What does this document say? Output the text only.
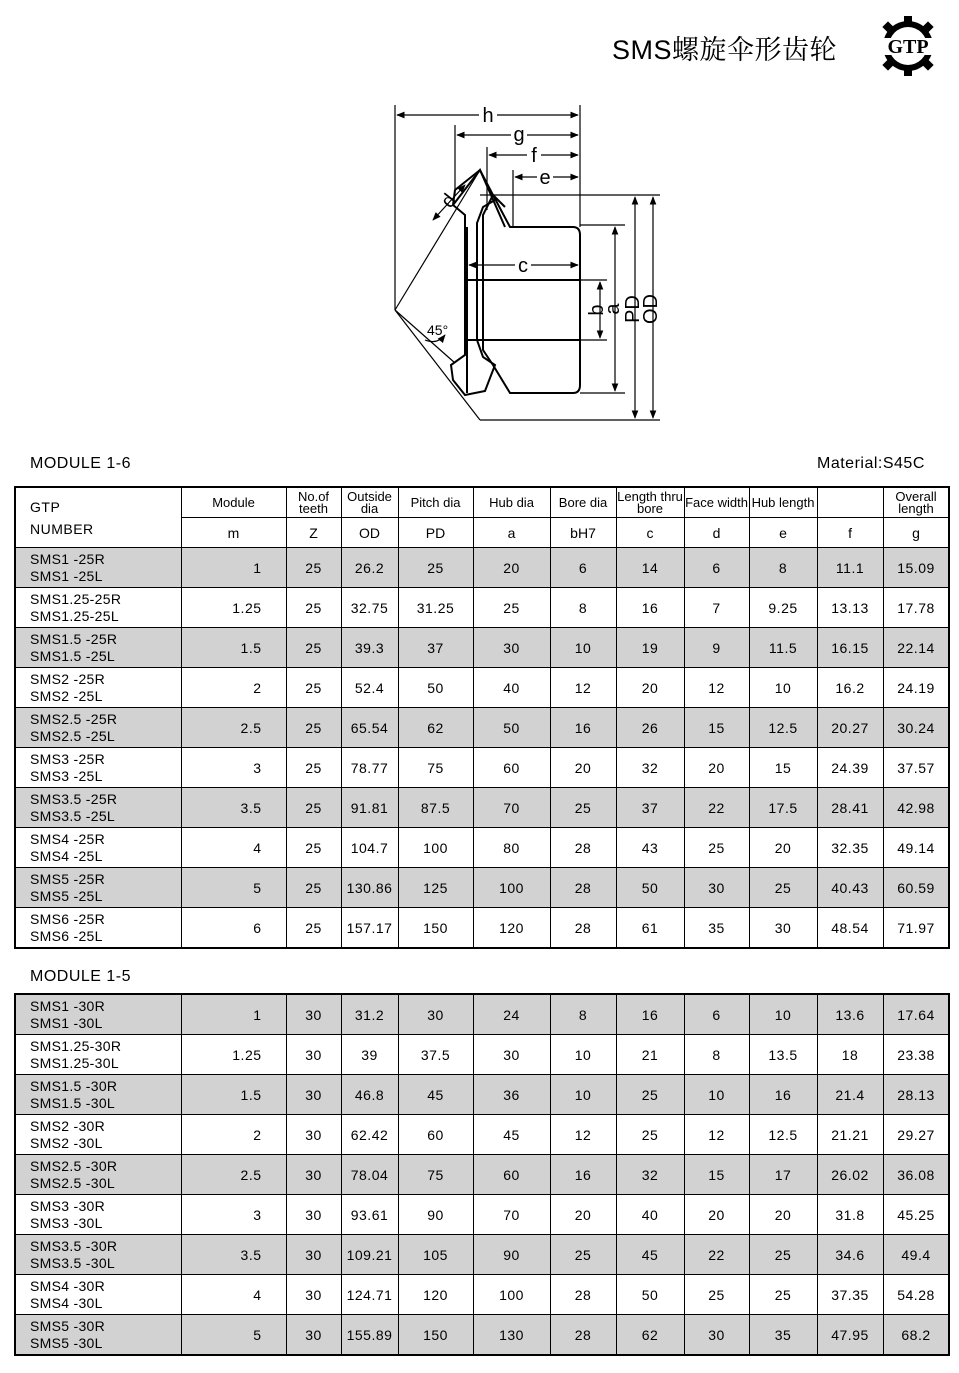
SMS螺旋伞形齿轮	GTP
h
g
f
e
c
d
b
a
PD
OD
45°
MODULE 1-6	Material:S45C
GTP
NUMBER	Module	No.of teeth	Outside dia	Pitch dia	Hub dia	Bore dia	Length thru bore	Face width	Hub length		Overall length	
	m	Z	OD	PD	a	bH7	c	d	e	f	g	

SMS1 -25R
SMS1 -25L	1	25	26.2	25	20	6	14	6	8	11.1	15.09	

SMS1.25-25R
SMS1.25-25L	1.25	25	32.75	31.25	25	8	16	7	9.25	13.13	17.78	

SMS1.5 -25R
SMS1.5 -25L	1.5	25	39.3	37	30	10	19	9	11.5	16.15	22.14	

SMS2 -25R
SMS2 -25L	2	25	52.4	50	40	12	20	12	10	16.2	24.19	

SMS2.5 -25R
SMS2.5 -25L	2.5	25	65.54	62	50	16	26	15	12.5	20.27	30.24	

SMS3 -25R
SMS3 -25L	3	25	78.77	75	60	20	32	20	15	24.39	37.57	

SMS3.5 -25R
SMS3.5 -25L	3.5	25	91.81	87.5	70	25	37	22	17.5	28.41	42.98	

SMS4 -25R
SMS4 -25L	4	25	104.7	100	80	28	43	25	20	32.35	49.14	

SMS5 -25R
SMS5 -25L	5	25	130.86	125	100	28	50	30	25	40.43	60.59	

SMS6 -25R
SMS6 -25L	6	25	157.17	150	120	28	61	35	30	48.54	71.97	
MODULE 1-5
SMS1 -30R
SMS1 -30L	1	30	31.2	30	24	8	16	6	10	13.6	17.64	

SMS1.25-30R
SMS1.25-30L	1.25	30	39	37.5	30	10	21	8	13.5	18	23.38	

SMS1.5 -30R
SMS1.5 -30L	1.5	30	46.8	45	36	10	25	10	16	21.4	28.13	

SMS2 -30R
SMS2 -30L	2	30	62.42	60	45	12	25	12	12.5	21.21	29.27	

SMS2.5 -30R
SMS2.5 -30L	2.5	30	78.04	75	60	16	32	15	17	26.02	36.08	

SMS3 -30R
SMS3 -30L	3	30	93.61	90	70	20	40	20	20	31.8	45.25	

SMS3.5 -30R
SMS3.5 -30L	3.5	30	109.21	105	90	25	45	22	25	34.6	49.4	

SMS4 -30R
SMS4 -30L	4	30	124.71	120	100	28	50	25	25	37.35	54.28	

SMS5 -30R
SMS5 -30L	5	30	155.89	150	130	28	62	30	35	47.95	68.2	
